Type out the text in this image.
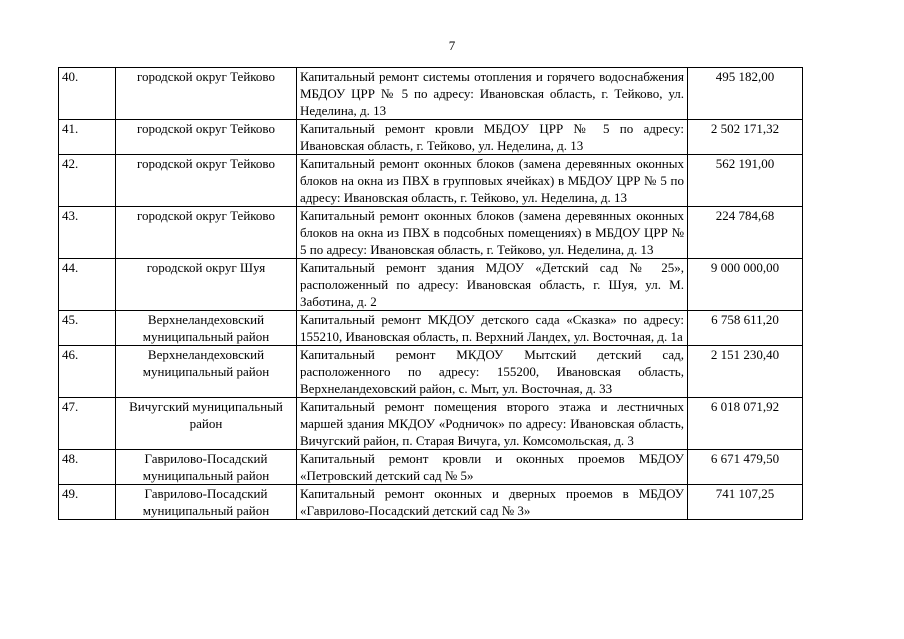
7
40.	городской округ Тейково	Капитальный ремонт системы отопления и горячего водоснабжения МБДОУ ЦРР № 5 по адресу: Ивановская область, г. Тейково, ул. Неделина, д. 13	495 182,00
41.	городской округ Тейково	Капитальный ремонт кровли МБДОУ ЦРР № 5 по адресу: Ивановская область, г. Тейково, ул. Неделина, д. 13	2 502 171,32
42.	городской округ Тейково	Капитальный ремонт оконных блоков (замена деревянных оконных блоков на окна из ПВХ в групповых ячейках) в МБДОУ ЦРР № 5 по адресу: Ивановская область, г. Тейково, ул. Неделина, д. 13	562 191,00
43.	городской округ Тейково	Капитальный ремонт оконных блоков (замена деревянных оконных блоков на окна из ПВХ в подсобных помещениях) в МБДОУ ЦРР № 5 по адресу: Ивановская область, г. Тейково, ул. Неделина, д. 13	224 784,68
44.	городской округ Шуя	Капитальный ремонт здания МДОУ «Детский сад № 25», расположенный по адресу: Ивановская область, г. Шуя, ул. М. Заботина, д. 2	9 000 000,00
45.	Верхнеландеховский муниципальный район	Капитальный ремонт МКДОУ детского сада «Сказка» по адресу: 155210, Ивановская область, п. Верхний Ландех, ул. Восточная, д. 1а	6 758 611,20
46.	Верхнеландеховский муниципальный район	Капитальный ремонт МКДОУ Мытский детский сад, расположенного по адресу: 155200, Ивановская область, Верхнеландеховский район, с. Мыт, ул. Восточная, д. 33	2 151 230,40
47.	Вичугский муниципальный район	Капитальный ремонт помещения второго этажа и лестничных маршей здания МКДОУ «Родничок» по адресу: Ивановская область, Вичугский район, п. Старая Вичуга, ул. Комсомольская, д. 3	6 018 071,92
48.	Гаврилово-Посадский муниципальный район	Капитальный ремонт кровли и оконных проемов МБДОУ «Петровский детский сад № 5»	6 671 479,50
49.	Гаврилово-Посадский муниципальный район	Капитальный ремонт оконных и дверных проемов в МБДОУ «Гаврилово-Посадский детский сад № 3»	741 107,25
